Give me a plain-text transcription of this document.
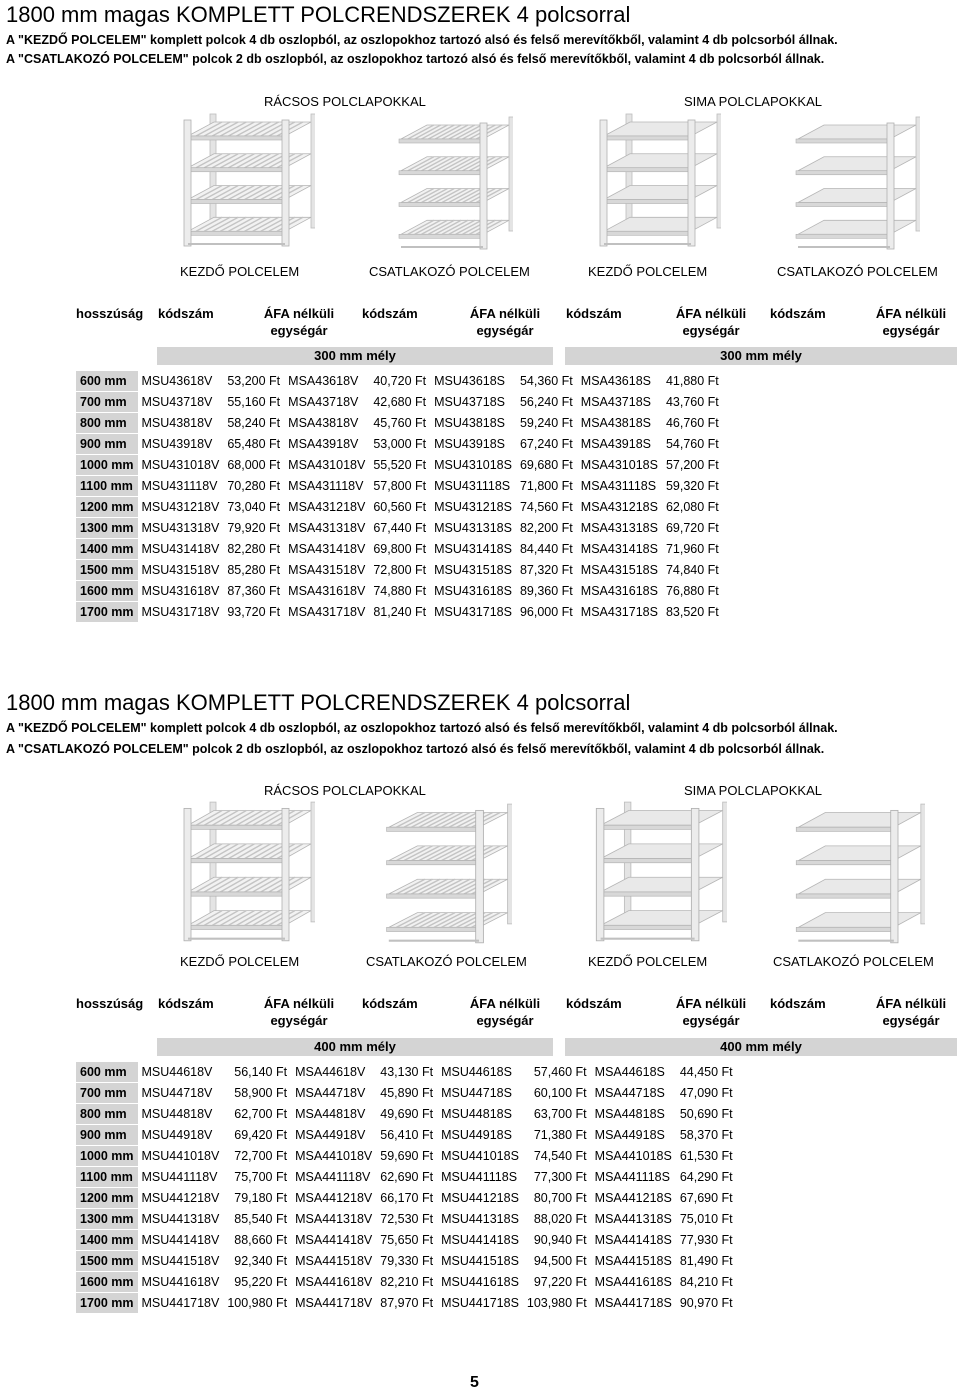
1800 mm magas KOMPLETT POLCRENDSZEREK 4 polcsorral
A "KEZDŐ POLCELEM" komplett polcok 4 db oszlopból, az oszlopokhoz tartozó alsó és felső merevítőkből, valamint 4 db polcsorból állnak.
A "CSATLAKOZÓ POLCELEM" polcok 2 db oszlopból, az oszlopokhoz tartozó alsó és felső merevítőkből, valamint 4 db polcsorból állnak.
RÁCSOS POLCLAPOKKAL	SIMA POLCLAPOKKAL
KEZDŐ POLCELEM	CSATLAKOZÓ POLCELEM	KEZDŐ POLCELEM	CSATLAKOZÓ POLCELEM
hosszúság kódszám	ÁFA nélküli
egységár
kódszám	ÁFA nélküli
egységár
kódszám	ÁFA nélküli
egységár
kódszám	ÁFA nélküli
egységár
300 mm mély	300 mm mély
600 mm	MSU43618V	53,200 Ft	MSA43618V	40,720 Ft	MSU43618S	54,360 Ft	MSA43618S	41,880 Ft
700 mm	MSU43718V	55,160 Ft	MSA43718V	42,680 Ft	MSU43718S	56,240 Ft	MSA43718S	43,760 Ft
800 mm	MSU43818V	58,240 Ft	MSA43818V	45,760 Ft	MSU43818S	59,240 Ft	MSA43818S	46,760 Ft
900 mm	MSU43918V	65,480 Ft	MSA43918V	53,000 Ft	MSU43918S	67,240 Ft	MSA43918S	54,760 Ft
1000 mm	MSU431018V	68,000 Ft	MSA431018V	55,520 Ft	MSU431018S	69,680 Ft	MSA431018S	57,200 Ft
1100 mm	MSU431118V	70,280 Ft	MSA431118V	57,800 Ft	MSU431118S	71,800 Ft	MSA431118S	59,320 Ft
1200 mm	MSU431218V	73,040 Ft	MSA431218V	60,560 Ft	MSU431218S	74,560 Ft	MSA431218S	62,080 Ft
1300 mm	MSU431318V	79,920 Ft	MSA431318V	67,440 Ft	MSU431318S	82,200 Ft	MSA431318S	69,720 Ft
1400 mm	MSU431418V	82,280 Ft	MSA431418V	69,800 Ft	MSU431418S	84,440 Ft	MSA431418S	71,960 Ft
1500 mm	MSU431518V	85,280 Ft	MSA431518V	72,800 Ft	MSU431518S	87,320 Ft	MSA431518S	74,840 Ft
1600 mm	MSU431618V	87,360 Ft	MSA431618V	74,880 Ft	MSU431618S	89,360 Ft	MSA431618S	76,880 Ft
1700 mm	MSU431718V	93,720 Ft	MSA431718V	81,240 Ft	MSU431718S	96,000 Ft	MSA431718S	83,520 Ft
1800 mm magas KOMPLETT POLCRENDSZEREK 4 polcsorral
A "KEZDŐ POLCELEM" komplett polcok 4 db oszlopból, az oszlopokhoz tartozó alsó és felső merevítőkből, valamint 4 db polcsorból állnak.
A "CSATLAKOZÓ POLCELEM" polcok 2 db oszlopból, az oszlopokhoz tartozó alsó és felső merevítőkből, valamint 4 db polcsorból állnak.
RÁCSOS POLCLAPOKKAL	SIMA POLCLAPOKKAL
KEZDŐ POLCELEM	CSATLAKOZÓ POLCELEM	KEZDŐ POLCELEM	CSATLAKOZÓ POLCELEM
hosszúság kódszám	ÁFA nélküli
egységár
kódszám	ÁFA nélküli
egységár
kódszám	ÁFA nélküli
egységár
kódszám	ÁFA nélküli
egységár
400 mm mély	400 mm mély
600 mm	MSU44618V	56,140 Ft	MSA44618V	43,130 Ft	MSU44618S	57,460 Ft	MSA44618S	44,450 Ft
700 mm	MSU44718V	58,900 Ft	MSA44718V	45,890 Ft	MSU44718S	60,100 Ft	MSA44718S	47,090 Ft
800 mm	MSU44818V	62,700 Ft	MSA44818V	49,690 Ft	MSU44818S	63,700 Ft	MSA44818S	50,690 Ft
900 mm	MSU44918V	69,420 Ft	MSA44918V	56,410 Ft	MSU44918S	71,380 Ft	MSA44918S	58,370 Ft
1000 mm	MSU441018V	72,700 Ft	MSA441018V	59,690 Ft	MSU441018S	74,540 Ft	MSA441018S	61,530 Ft
1100 mm	MSU441118V	75,700 Ft	MSA441118V	62,690 Ft	MSU441118S	77,300 Ft	MSA441118S	64,290 Ft
1200 mm	MSU441218V	79,180 Ft	MSA441218V	66,170 Ft	MSU441218S	80,700 Ft	MSA441218S	67,690 Ft
1300 mm	MSU441318V	85,540 Ft	MSA441318V	72,530 Ft	MSU441318S	88,020 Ft	MSA441318S	75,010 Ft
1400 mm	MSU441418V	88,660 Ft	MSA441418V	75,650 Ft	MSU441418S	90,940 Ft	MSA441418S	77,930 Ft
1500 mm	MSU441518V	92,340 Ft	MSA441518V	79,330 Ft	MSU441518S	94,500 Ft	MSA441518S	81,490 Ft
1600 mm	MSU441618V	95,220 Ft	MSA441618V	82,210 Ft	MSU441618S	97,220 Ft	MSA441618S	84,210 Ft
1700 mm	MSU441718V	100,980 Ft	MSA441718V	87,970 Ft	MSU441718S	103,980 Ft	MSA441718S	90,970 Ft
5
